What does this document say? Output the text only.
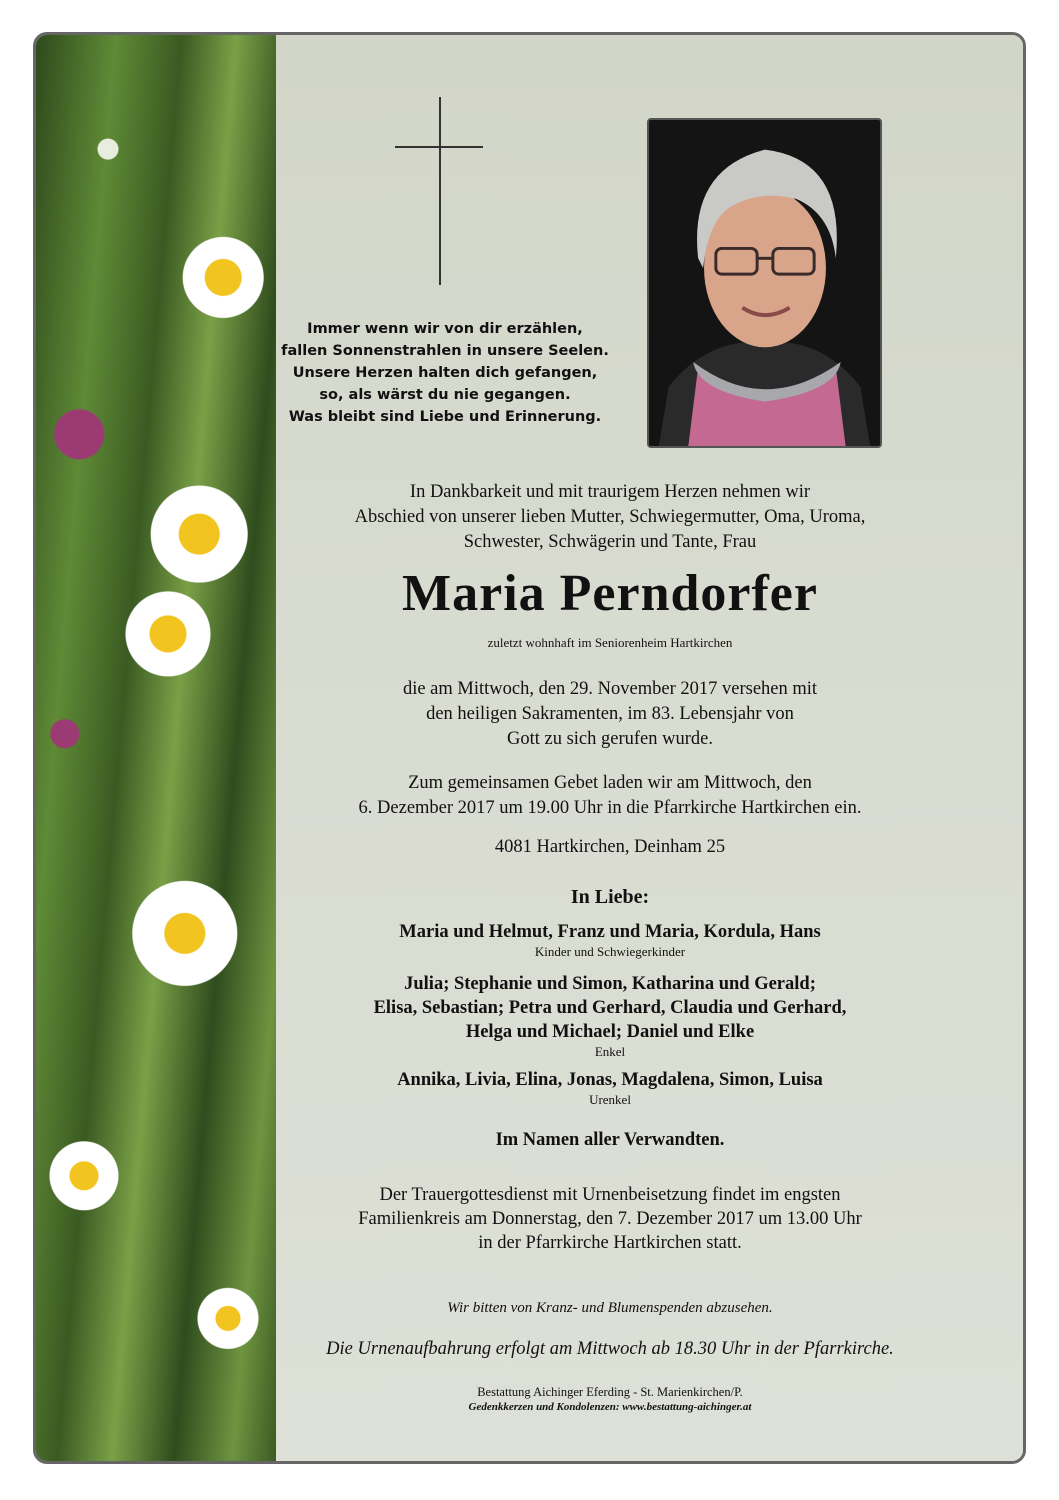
Immer wenn wir von dir erzählen,
fallen Sonnenstrahlen in unsere Seelen.
Unsere Herzen halten dich gefangen,
so, als wärst du nie gegangen.
Was bleibt sind Liebe und Erinnerung.
In Dankbarkeit und mit traurigem Herzen nehmen wir
Abschied von unserer lieben Mutter, Schwiegermutter, Oma, Uroma,
Schwester, Schwägerin und Tante, Frau
Maria Perndorfer
zuletzt wohnhaft im Seniorenheim Hartkirchen
die am Mittwoch, den 29. November 2017 versehen mit
den heiligen Sakramenten, im 83. Lebensjahr von
Gott zu sich gerufen wurde.
Zum gemeinsamen Gebet laden wir am Mittwoch, den
6. Dezember 2017 um 19.00 Uhr in die Pfarrkirche Hartkirchen ein.
4081 Hartkirchen, Deinham 25
In Liebe:
Maria und Helmut, Franz und Maria, Kordula, Hans
Kinder und Schwiegerkinder
Julia; Stephanie und Simon, Katharina und Gerald;
Elisa, Sebastian; Petra und Gerhard, Claudia und Gerhard,
Helga und Michael; Daniel und Elke
Enkel
Annika, Livia, Elina, Jonas, Magdalena, Simon, Luisa
Urenkel
Im Namen aller Verwandten.
Der Trauergottesdienst mit Urnenbeisetzung findet im engsten
Familienkreis am Donnerstag, den 7. Dezember 2017 um 13.00 Uhr
in der Pfarrkirche Hartkirchen statt.
Wir bitten von Kranz- und Blumenspenden abzusehen.
Die Urnenaufbahrung erfolgt am Mittwoch ab 18.30 Uhr in der Pfarrkirche.
Bestattung Aichinger Eferding - St. Marienkirchen/P.
Gedenkkerzen und Kondolenzen: www.bestattung-aichinger.at
